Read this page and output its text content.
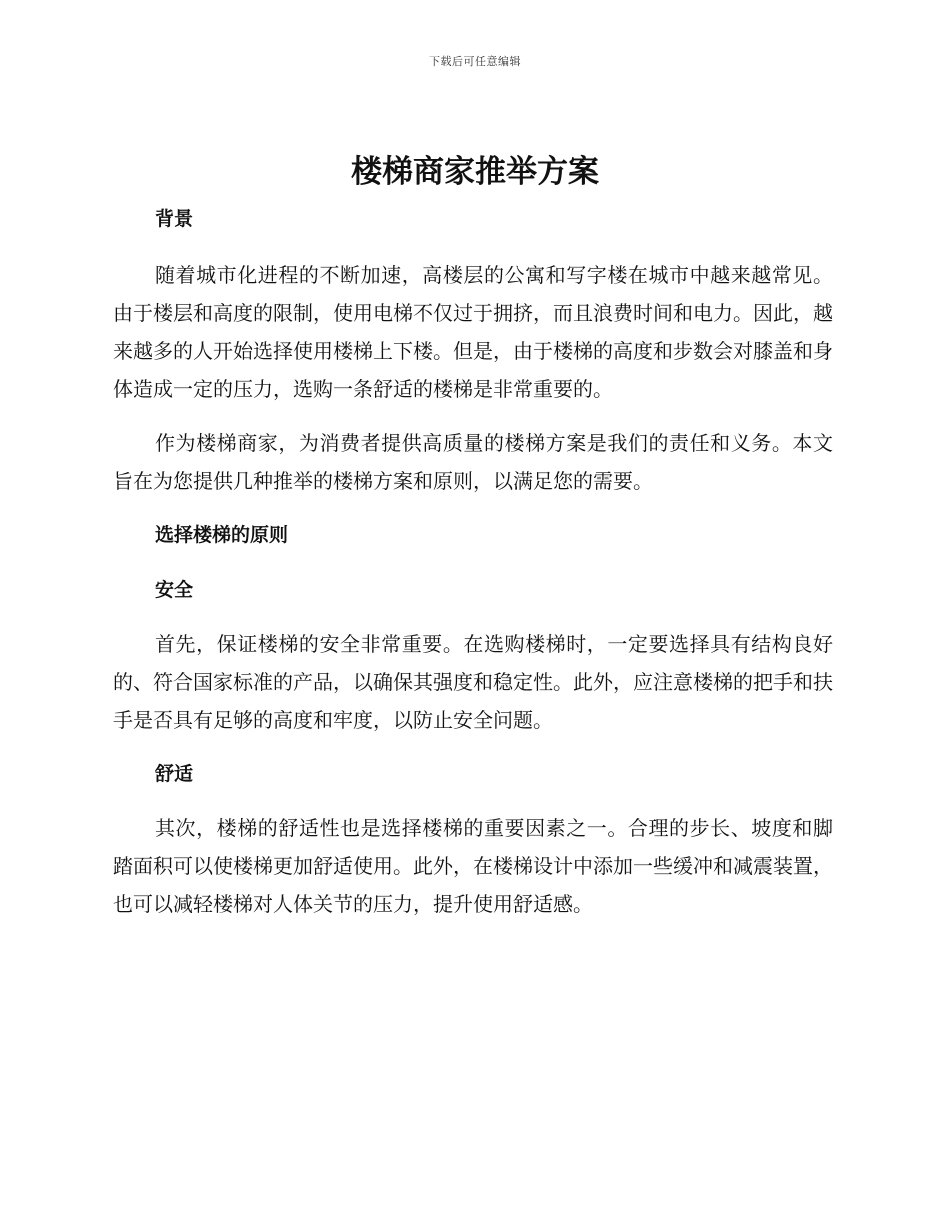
下载后可任意编辑
楼梯商家推举方案
背景

随着城市化进程的不断加速，高楼层的公寓和写字楼在城市中越来越常见。由于楼层和高度的限制，使用电梯不仅过于拥挤，而且浪费时间和电力。因此，越来越多的人开始选择使用楼梯上下楼。但是，由于楼梯的高度和步数会对膝盖和身体造成一定的压力，选购一条舒适的楼梯是非常重要的。

作为楼梯商家，为消费者提供高质量的楼梯方案是我们的责任和义务。本文旨在为您提供几种推举的楼梯方案和原则，以满足您的需要。

选择楼梯的原则
安全

首先，保证楼梯的安全非常重要。在选购楼梯时，一定要选择具有结构良好的、符合国家标准的产品，以确保其强度和稳定性。此外，应注意楼梯的把手和扶手是否具有足够的高度和牢度，以防止安全问题。

舒适

其次，楼梯的舒适性也是选择楼梯的重要因素之一。合理的步长、坡度和脚踏面积可以使楼梯更加舒适使用。此外，在楼梯设计中添加一些缓冲和减震装置，也可以减轻楼梯对人体关节的压力，提升使用舒适感。
